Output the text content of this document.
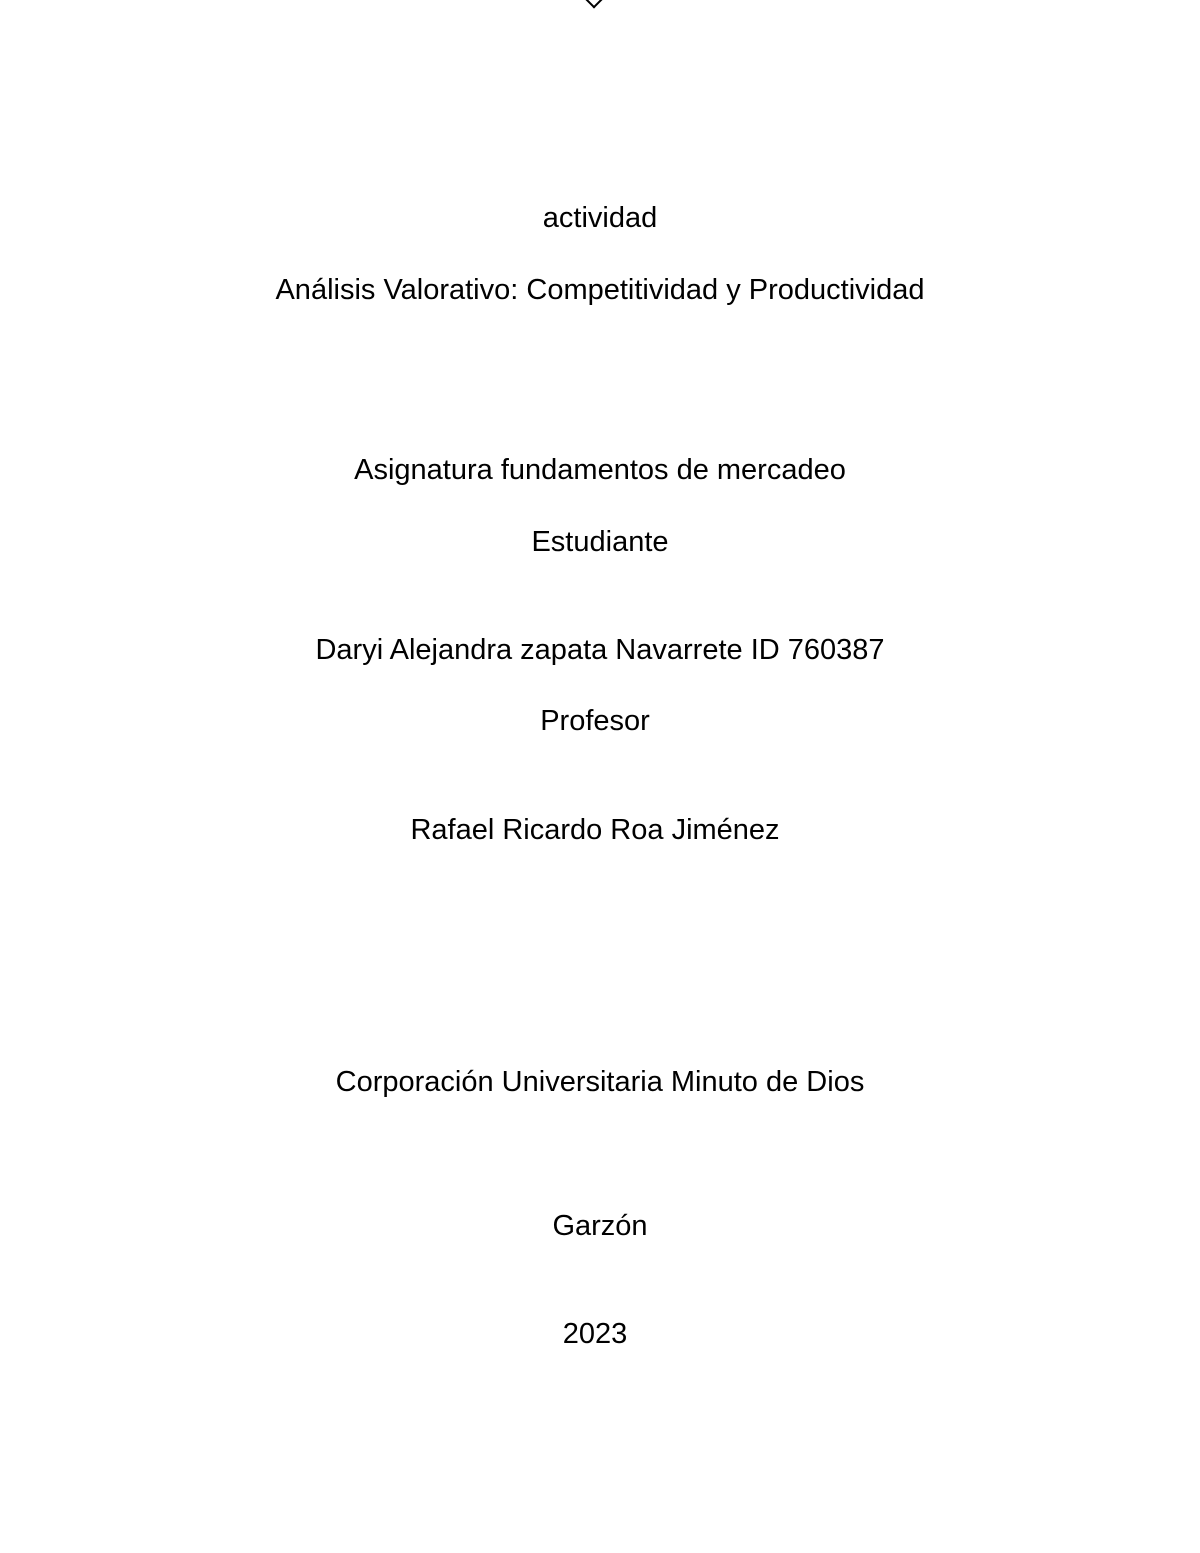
actividad
Análisis Valorativo: Competitividad y Productividad
Asignatura fundamentos de mercadeo
Estudiante
Daryi Alejandra zapata Navarrete ID 760387
Profesor
Rafael Ricardo Roa Jiménez
Corporación Universitaria Minuto de Dios
Garzón
2023
